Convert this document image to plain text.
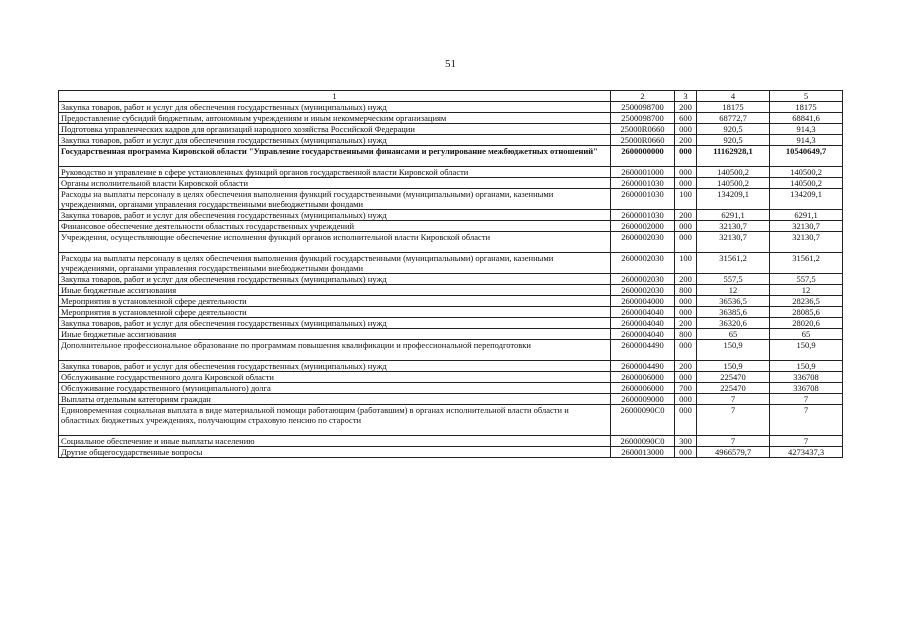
51
1	2	3	4	5
Закупка товаров, работ и услуг для обеспечения государственных (муниципальных) нужд	2500098700	200	18175	18175
Предоставление субсидий бюджетным, автономным учреждениям и иным некоммерческим организациям	2500098700	600	68772,7	68841,6
Подготовка управленческих кадров для организаций народного хозяйства Российской Федерации	25000R0660	000	920,5	914,3
Закупка товаров, работ и услуг для обеспечения государственных (муниципальных) нужд	25000R0660	200	920,5	914,3
Государственная программа Кировской области "Управление государственными финансами и регулирование межбюджетных отношений"	2600000000	000	11162928,1	10540649,7
Руководство и управление в сфере установленных функций органов государственной власти Кировской области	2600001000	000	140500,2	140500,2
Органы исполнительной власти Кировской области	2600001030	000	140500,2	140500,2
Расходы на выплаты персоналу в целях обеспечения выполнения функций государственными (муниципальными) органами, казенными учреждениями, органами управления государственными внебюджетными фондами	2600001030	100	134209,1	134209,1
Закупка товаров, работ и услуг для обеспечения государственных (муниципальных) нужд	2600001030	200	6291,1	6291,1
Финансовое обеспечение деятельности областных государственных учреждений	2600002000	000	32130,7	32130,7
Учреждения, осуществляющие обеспечение исполнения функций органов исполнительной власти Кировской области	2600002030	000	32130,7	32130,7
Расходы на выплаты персоналу в целях обеспечения выполнения функций государственными (муниципальными) органами, казенными учреждениями, органами управления государственными внебюджетными фондами	2600002030	100	31561,2	31561,2
Закупка товаров, работ и услуг для обеспечения государственных (муниципальных) нужд	2600002030	200	557,5	557,5
Иные бюджетные ассигнования	2600002030	800	12	12
Мероприятия в установленной сфере деятельности	2600004000	000	36536,5	28236,5
Мероприятия в установленной сфере деятельности	2600004040	000	36385,6	28085,6
Закупка товаров, работ и услуг для обеспечения государственных (муниципальных) нужд	2600004040	200	36320,6	28020,6
Иные бюджетные ассигнования	2600004040	800	65	65
Дополнительное профессиональное образование по программам повышения квалификации и профессиональной переподготовки	2600004490	000	150,9	150,9
Закупка товаров, работ и услуг для обеспечения государственных (муниципальных) нужд	2600004490	200	150,9	150,9
Обслуживание государственного долга Кировской области	2600006000	000	225470	336708
Обслуживание государственного (муниципального) долга	2600006000	700	225470	336708
Выплаты отдельным категориям граждан	2600009000	000	7	7
Единовременная социальная выплата в виде материальной помощи работающим (работавшим) в органах исполнительной власти области и областных бюджетных учреждениях, получающим страховую пенсию по старости	26000090С0	000	7	7
Социальное обеспечение и иные выплаты населению	26000090С0	300	7	7
Другие общегосударственные вопросы	2600013000	000	4966579,7	4273437,3
